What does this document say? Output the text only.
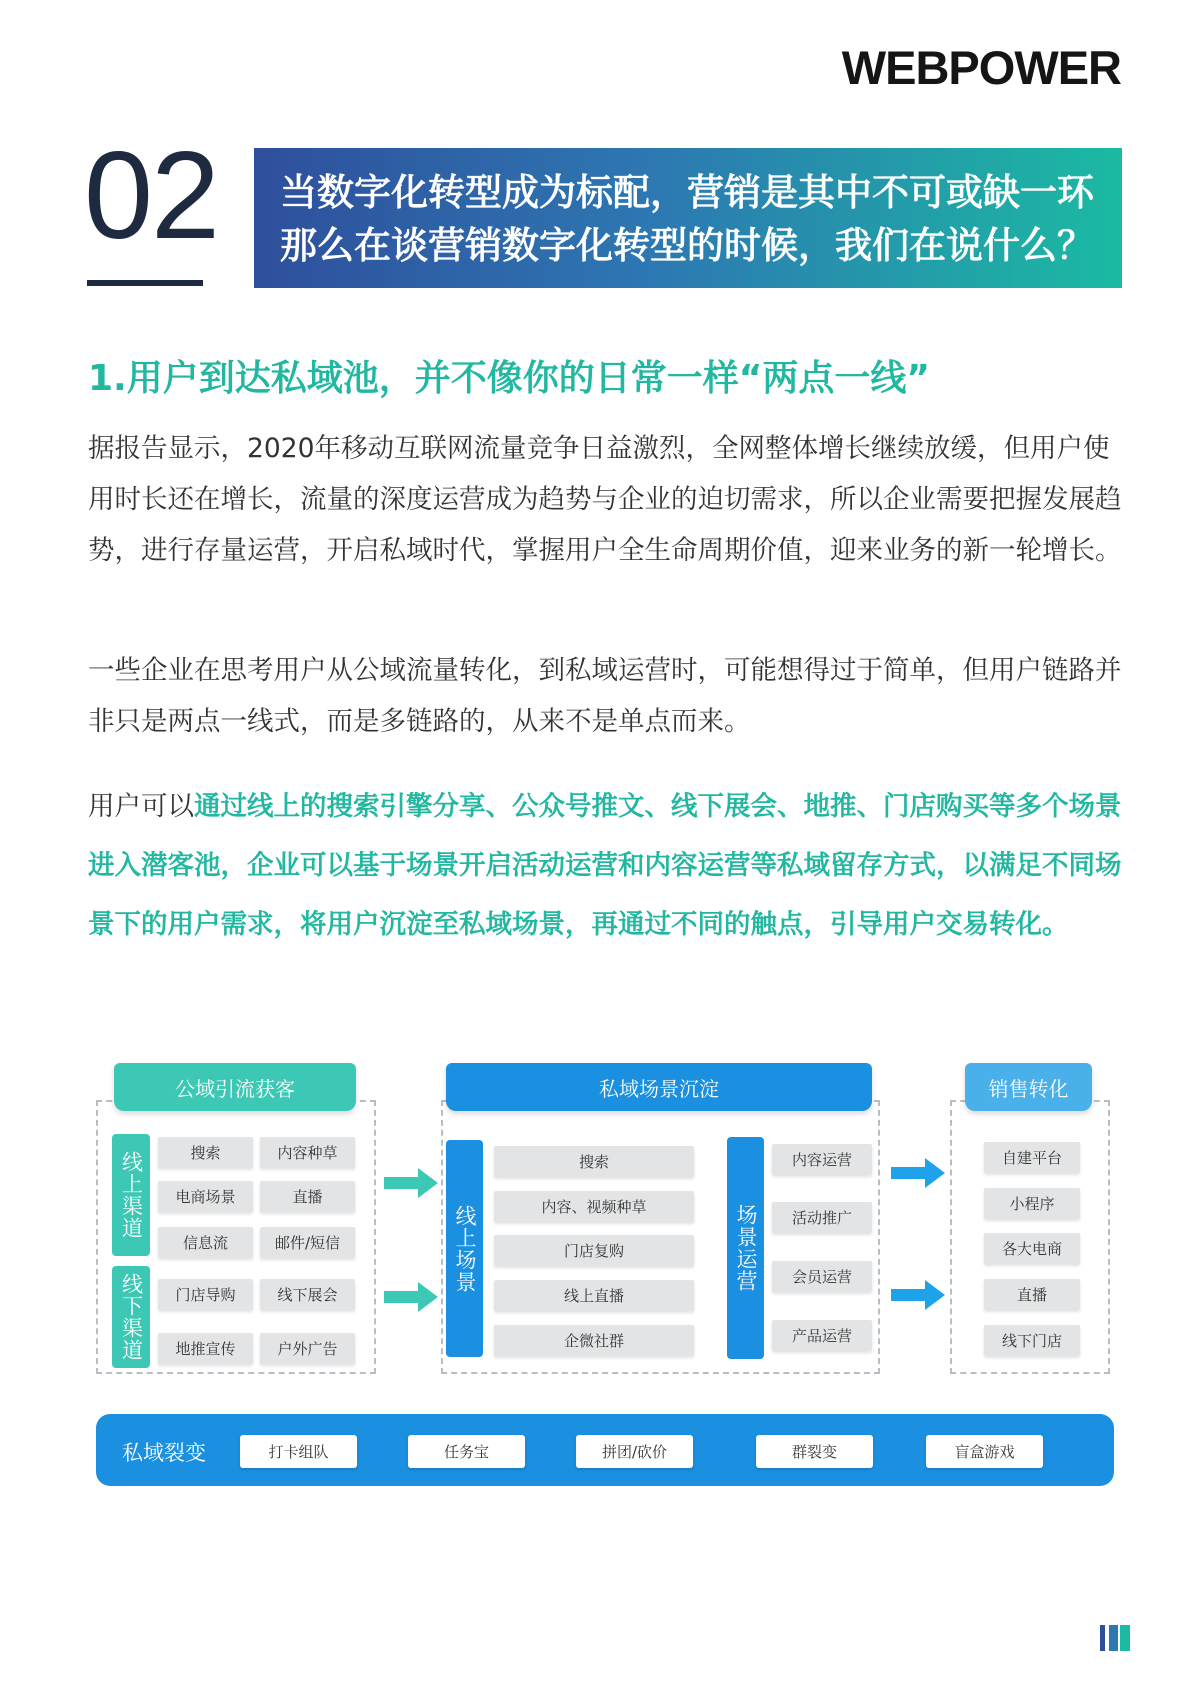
WEBPOWER
02 当数字化转型成为标配，营销是其中不可或缺一环
那么在谈营销数字化转型的时候，我们在说什么？
1.用户到达私域池，并不像你的日常一样“两点一线”
据报告显示，2020年移动互联网流量竞争日益激烈，全网整体增长继续放缓，但用户使用时长还在增长，流量的深度运营成为趋势与企业的迫切需求，所以企业需要把握发展趋势，进行存量运营，开启私域时代，掌握用户全生命周期价值，迎来业务的新一轮增长。
一些企业在思考用户从公域流量转化，到私域运营时，可能想得过于简单，但用户链路并非只是两点一线式，而是多链路的，从来不是单点而来。
用户可以通过线上的搜索引擎分享、公众号推文、线下展会、地推、门店购买等多个场景进入潜客池，企业可以基于场景开启活动运营和内容运营等私域留存方式，以满足不同场景下的用户需求，将用户沉淀至私域场景，再通过不同的触点，引导用户交易转化。
公域引流获客	私域场景沉淀	销售转化
线上渠道
线下渠道
搜索	内容种草
电商场景	直播
信息流	邮件/短信
门店导购	线下展会
地推宣传	户外广告
线上场景	场景运营
搜索
内容、视频种草
门店复购
线上直播
企微社群
内容运营
活动推广
会员运营
产品运营
自建平台
小程序
各大电商
直播
线下门店
私域裂变	打卡组队	任务宝	拼团/砍价	群裂变	盲盒游戏
